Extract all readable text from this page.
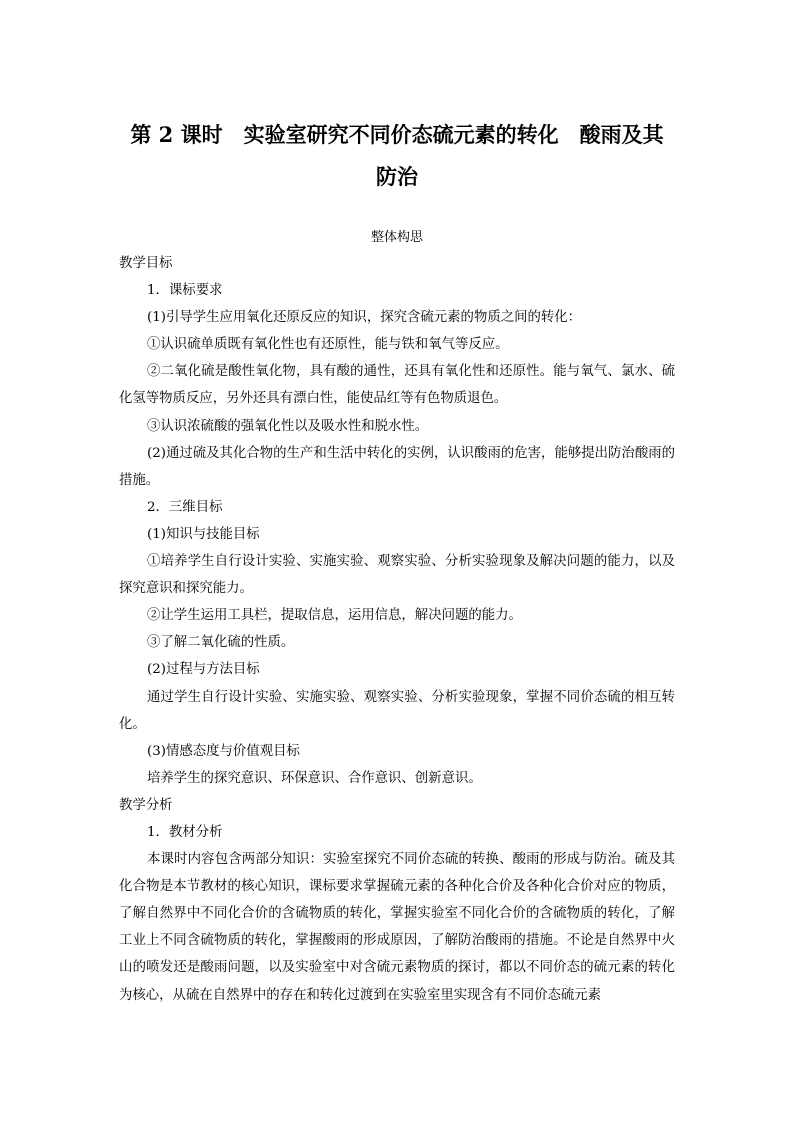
第 2 课时　实验室研究不同价态硫元素的转化　酸雨及其
防治

整体构思

教学目标

1．课标要求

(1)引导学生应用氧化还原反应的知识，探究含硫元素的物质之间的转化：

①认识硫单质既有氧化性也有还原性，能与铁和氧气等反应。

②二氧化硫是酸性氧化物，具有酸的通性，还具有氧化性和还原性。能与氧气、氯水、硫化氢等物质反应，另外还具有漂白性，能使品红等有色物质退色。

③认识浓硫酸的强氧化性以及吸水性和脱水性。

(2)通过硫及其化合物的生产和生活中转化的实例，认识酸雨的危害，能够提出防治酸雨的措施。

2．三维目标

(1)知识与技能目标

①培养学生自行设计实验、实施实验、观察实验、分析实验现象及解决问题的能力，以及探究意识和探究能力。

②让学生运用工具栏，提取信息，运用信息，解决问题的能力。

③了解二氧化硫的性质。

(2)过程与方法目标

通过学生自行设计实验、实施实验、观察实验、分析实验现象，掌握不同价态硫的相互转化。

(3)情感态度与价值观目标

培养学生的探究意识、环保意识、合作意识、创新意识。

教学分析

1．教材分析

本课时内容包含两部分知识：实验室探究不同价态硫的转换、酸雨的形成与防治。硫及其化合物是本节教材的核心知识，课标要求掌握硫元素的各种化合价及各种化合价对应的物质，了解自然界中不同化合价的含硫物质的转化，掌握实验室不同化合价的含硫物质的转化，了解工业上不同含硫物质的转化，掌握酸雨的形成原因，了解防治酸雨的措施。不论是自然界中火山的喷发还是酸雨问题，以及实验室中对含硫元素物质的探讨，都以不同价态的硫元素的转化为核心，从硫在自然界中的存在和转化过渡到在实验室里实现含有不同价态硫元素
